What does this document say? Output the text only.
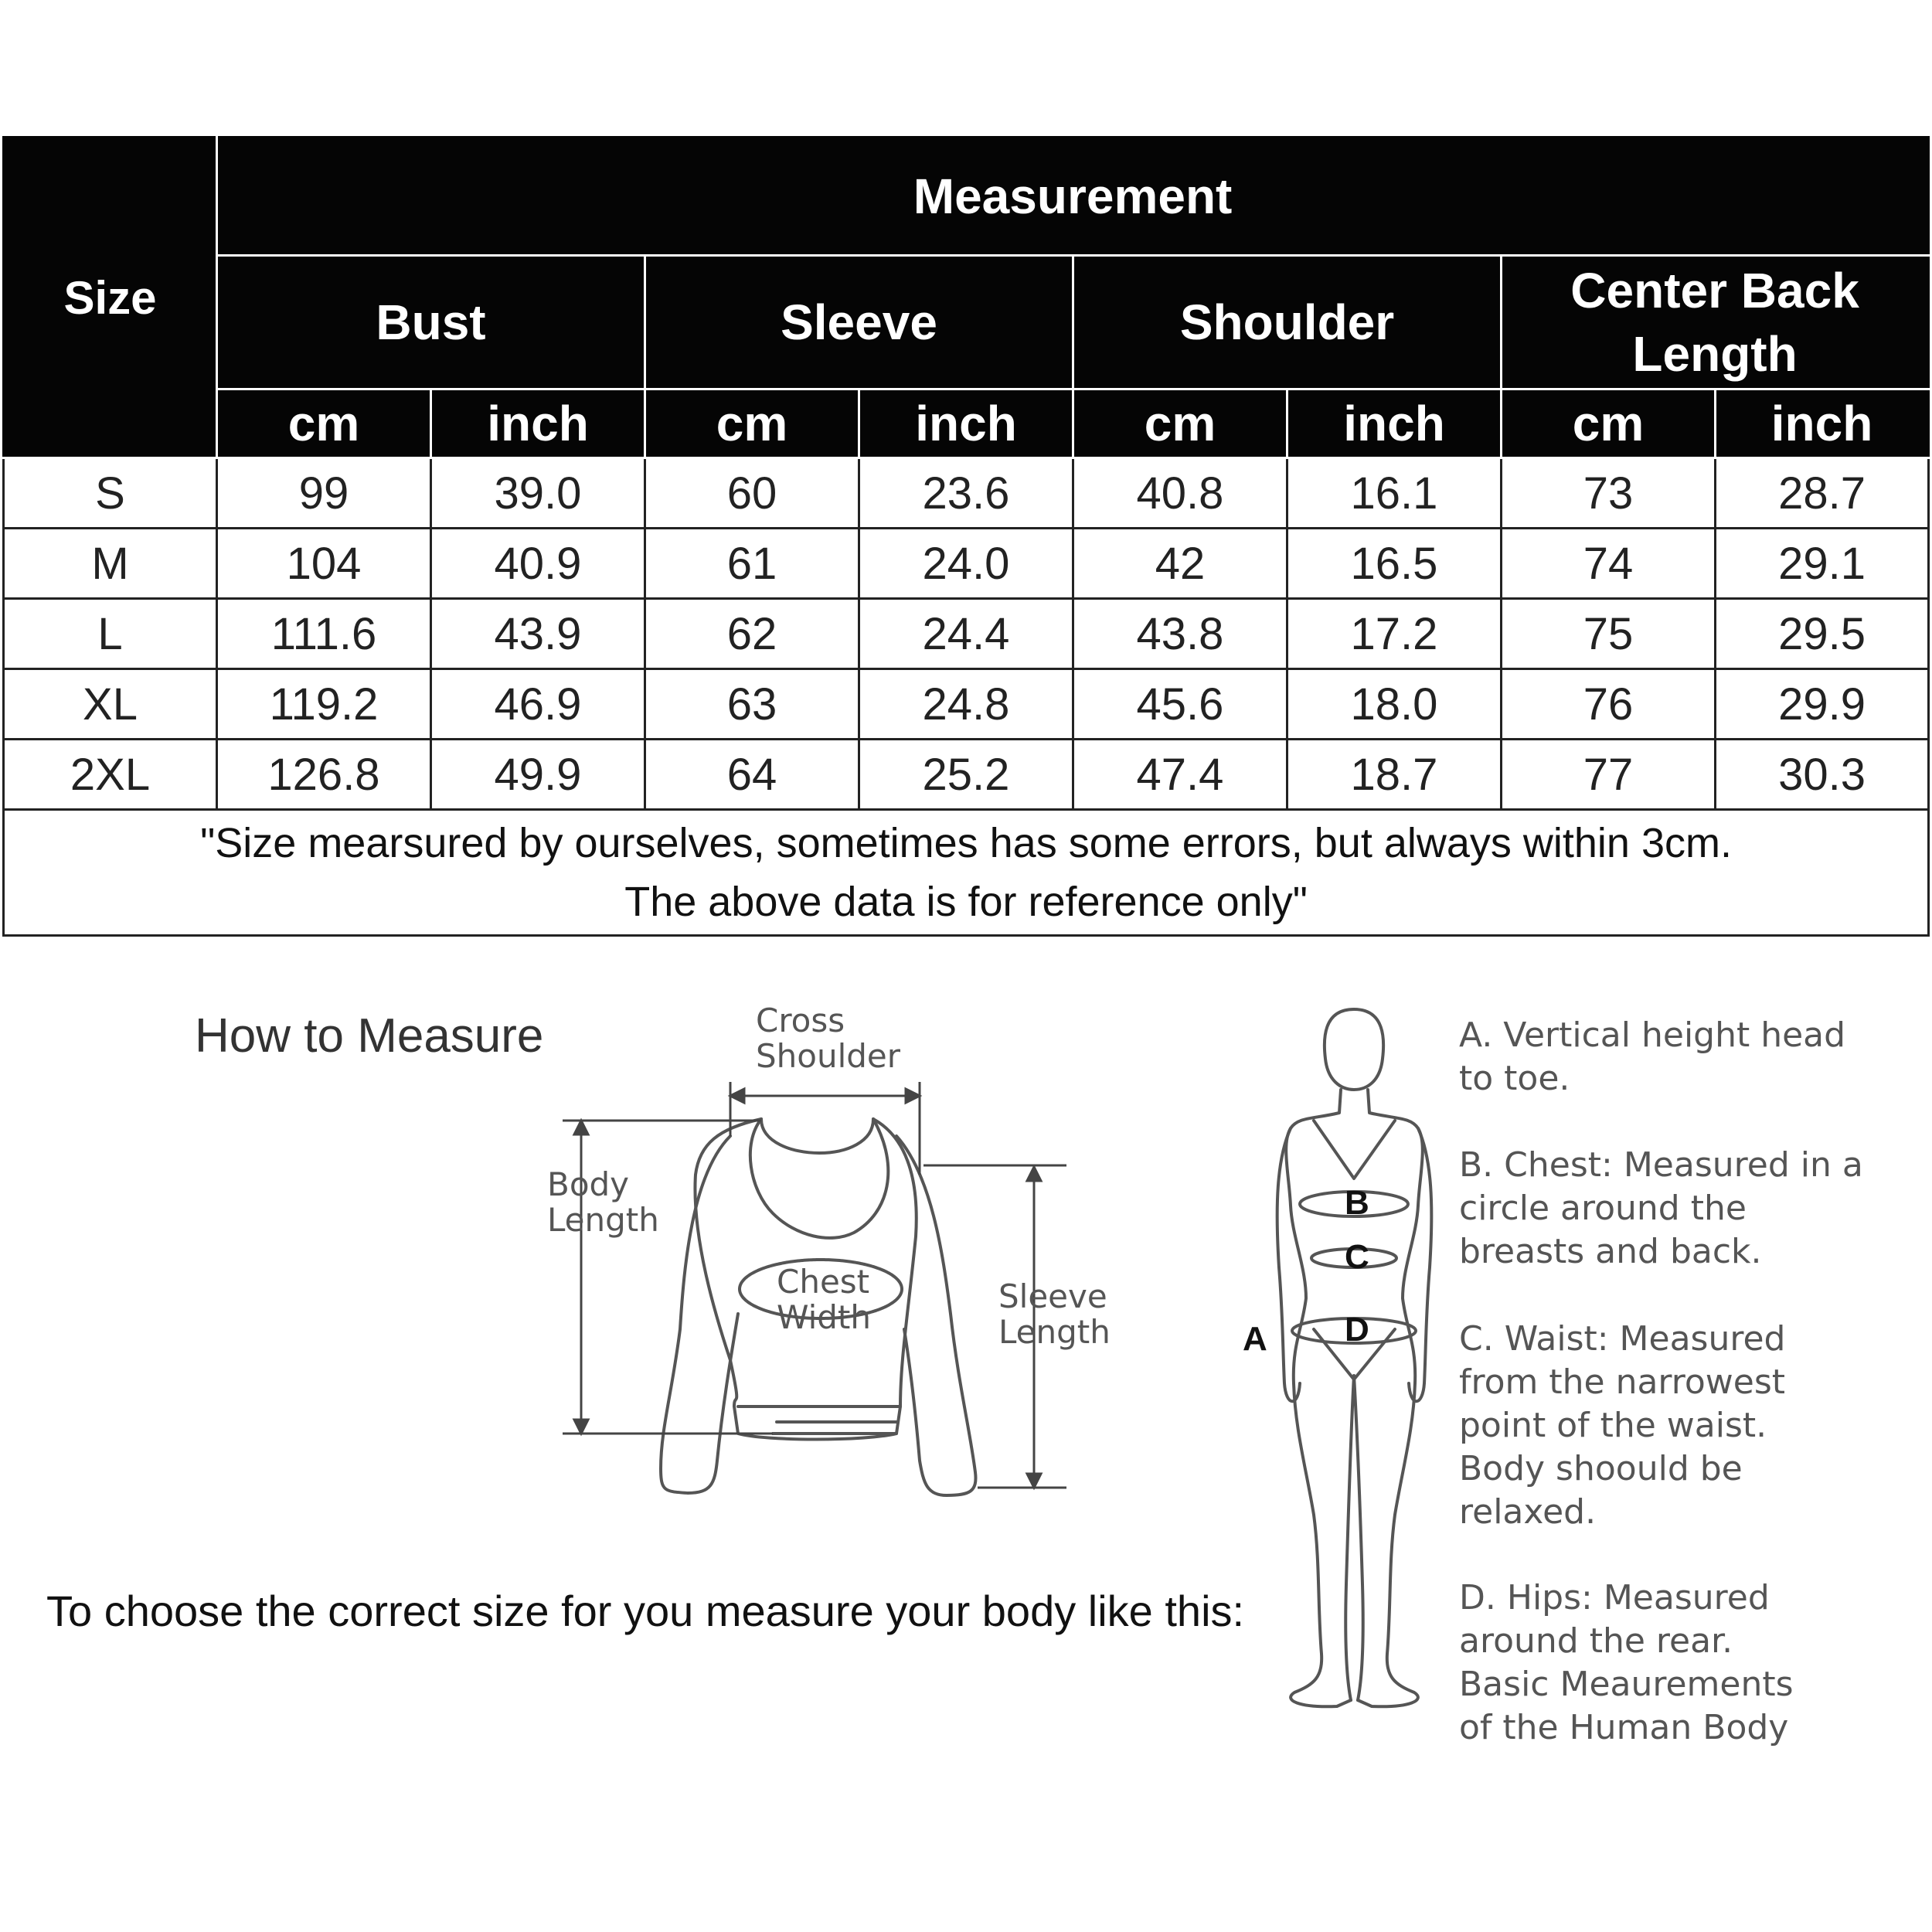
Size	Measurement							
	Bust		Sleeve		Shoulder		Center Back Length	
	cm	inch	cm	inch	cm	inch	cm	inch
S	99	39.0	60	23.6	40.8	16.1	73	28.7
M	104	40.9	61	24.0	42	16.5	74	29.1
L	111.6	43.9	62	24.4	43.8	17.2	75	29.5
XL	119.2	46.9	63	24.8	45.6	18.0	76	29.9
2XL	126.8	49.9	64	25.2	47.4	18.7	77	30.3

"Size mearsured by ourselves, sometimes has some errors, but always within 3cm.
The above data is for reference only"								
How to Measure	Cross
Shoulder
Body
Length
Chest
Width
Sleeve
Length
To choose the correct size for you measure your body like this:
A
B
C
D
A. Vertical height head
to toe.
B. Chest: Measured in a
circle around the
breasts and back.
C. Waist: Measured
from the narrowest
point of the waist.
Body shoould be
relaxed.
D. Hips: Measured
around the rear.
Basic Meaurements
of the Human Body
